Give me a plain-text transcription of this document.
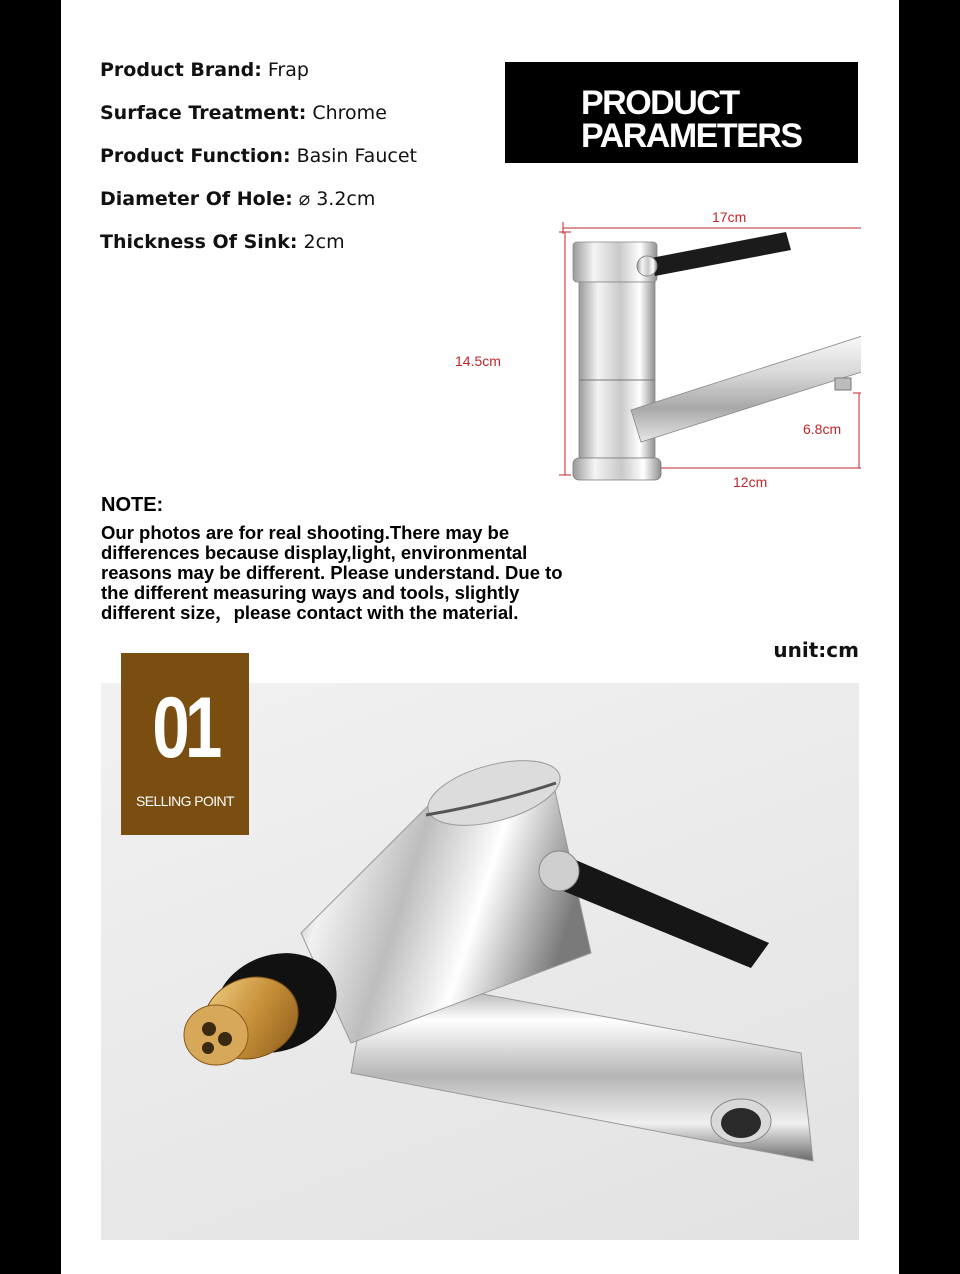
Product Brand: Frap
Surface Treatment: Chrome
Product Function: Basin Faucet
Diameter Of Hole: ⌀ 3.2cm
Thickness Of Sink: 2cm
PRODUCT
PARAMETERS
17cm
14.5cm
6.8cm
12cm
NOTE:
Our photos are for real shooting.There may be differences because display,light, environmental reasons may be different. Please understand. Due to the different measuring ways and tools, slightly different size，please contact with the material.
unit:cm
01
SELLING POINT
